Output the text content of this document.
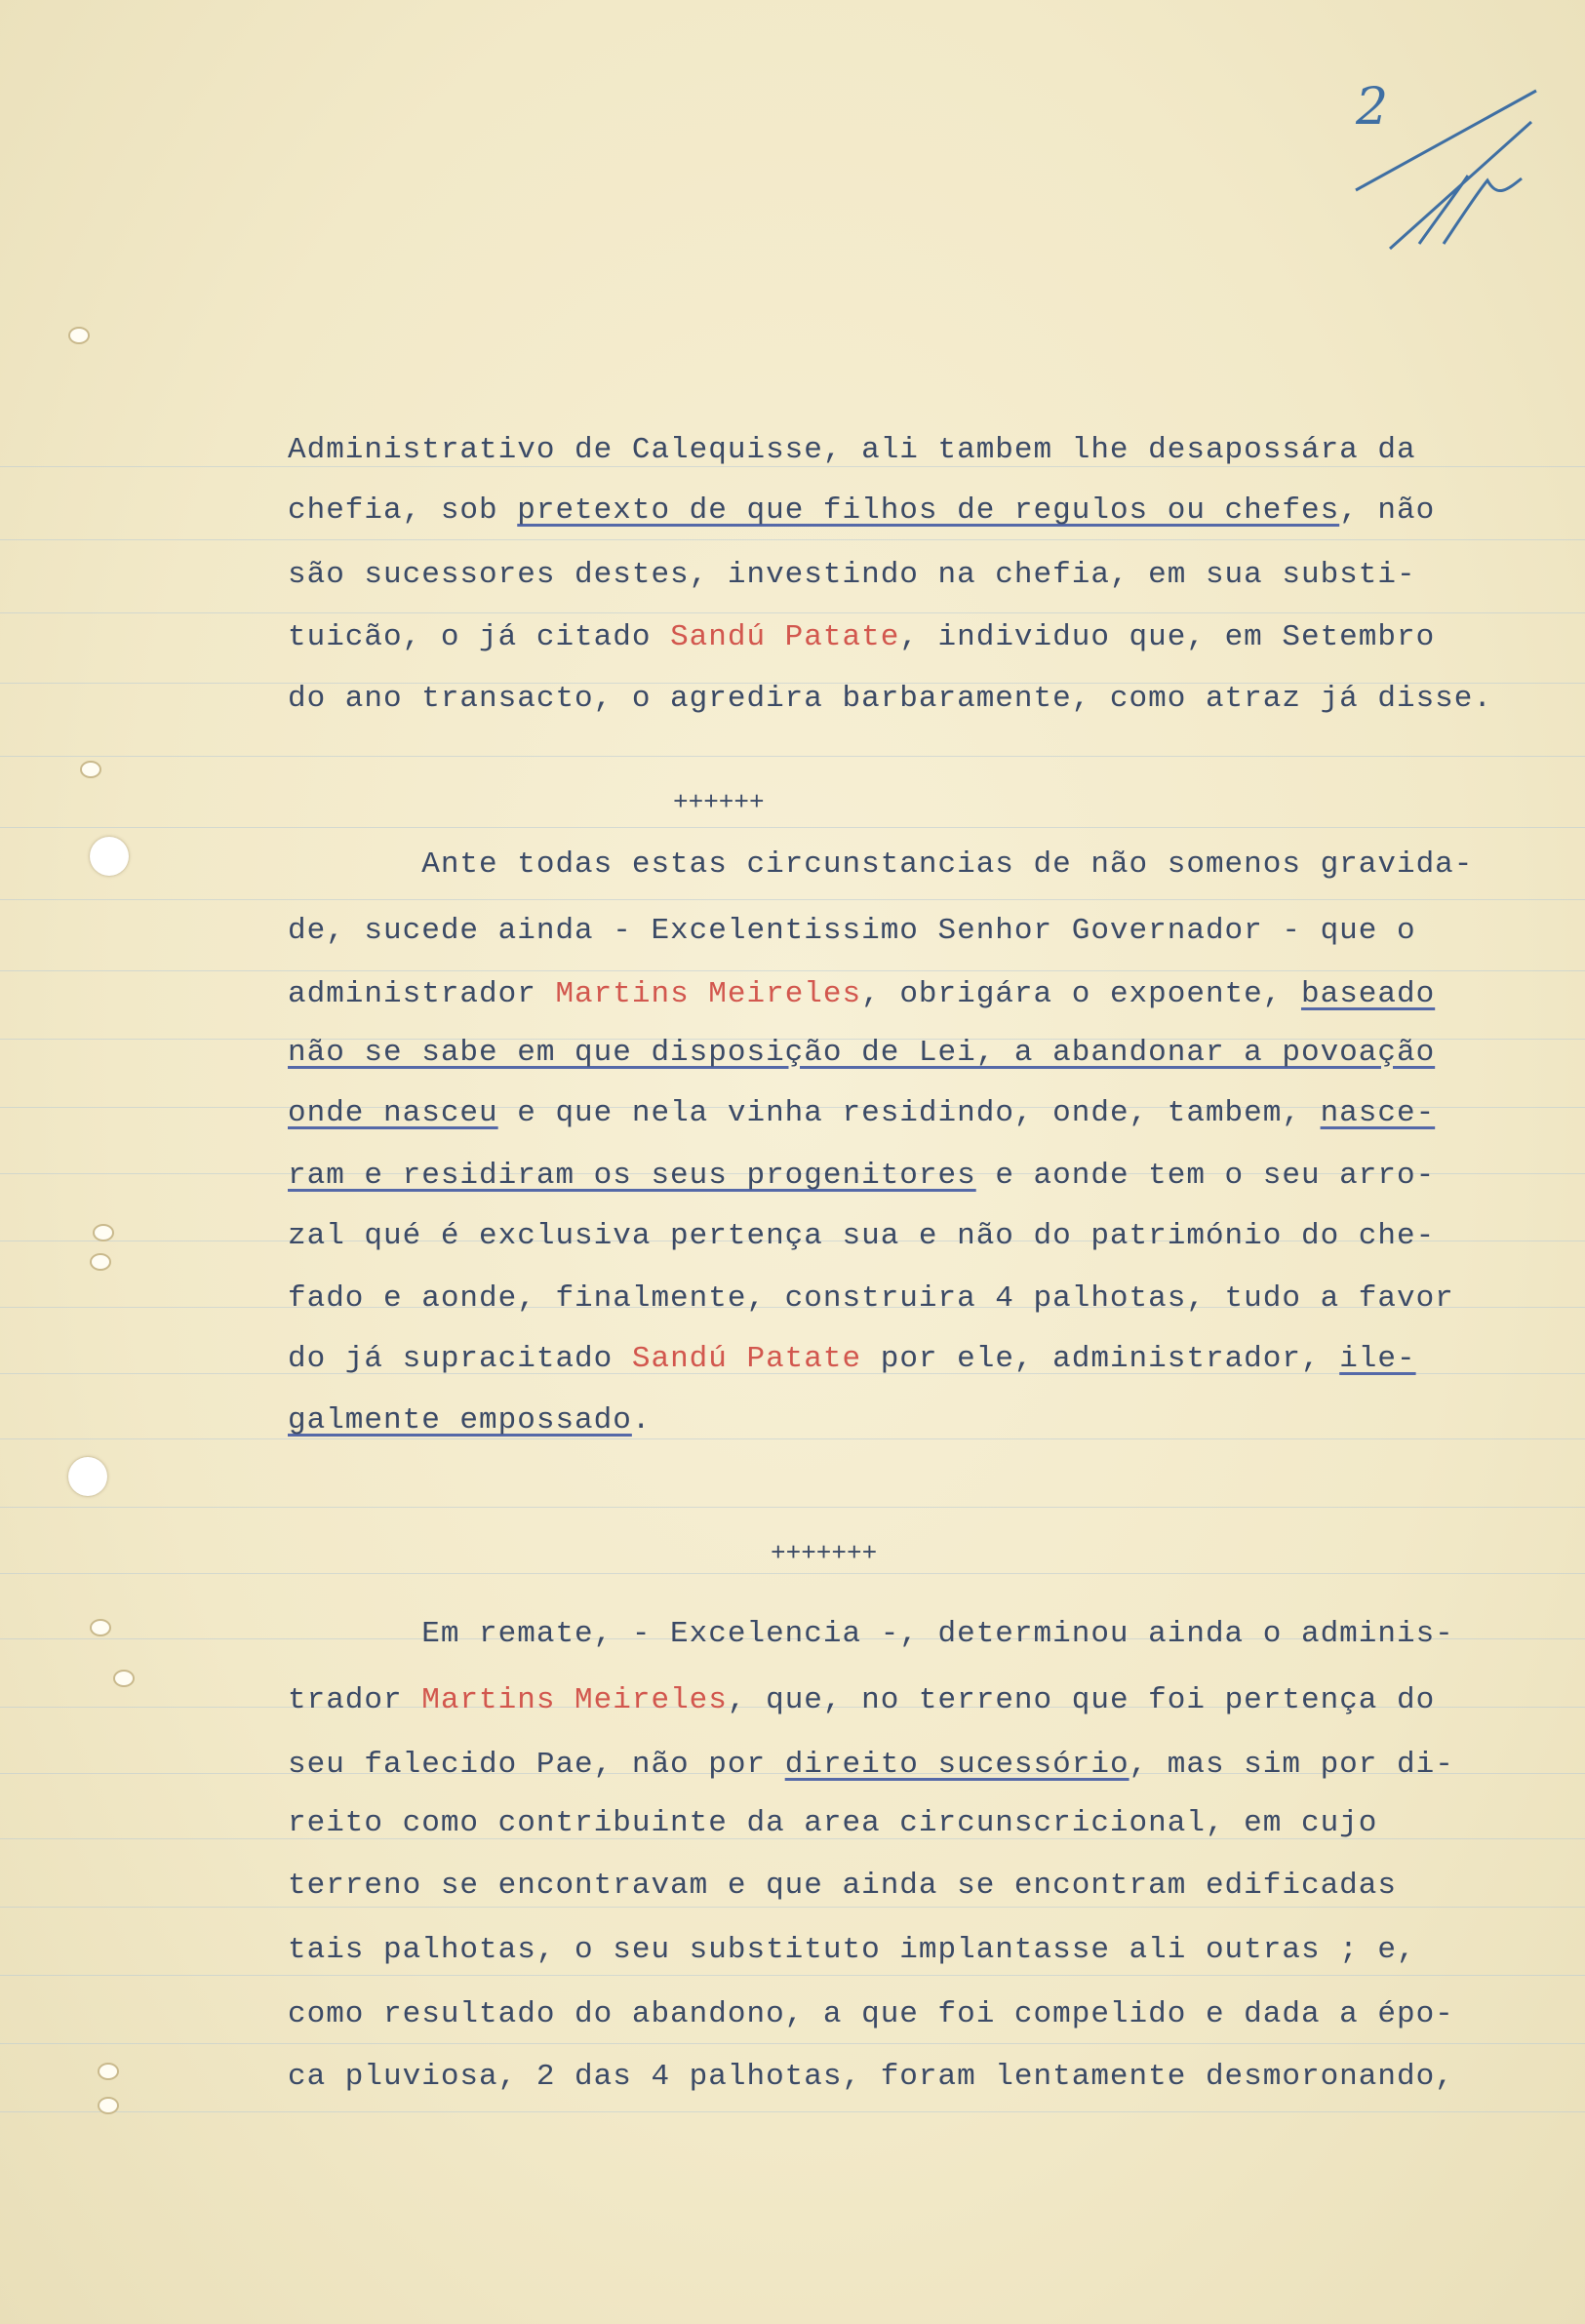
2
Administrativo de Calequisse, ali tambem lhe desapossára da
chefia, sob pretexto de que filhos de regulos ou chefes, não
são sucessores destes, investindo na chefia, em sua substi-
tuicão, o já citado Sandú Patate, individuo que, em Setembro
do ano transacto, o agredira barbaramente, como atraz já disse.
Ante todas estas circunstancias de não somenos gravida-
de, sucede ainda - Excelentissimo Senhor Governador - que o
administrador Martins Meireles, obrigára o expoente, baseado
não se sabe em que disposição de Lei, a abandonar a povoação
onde nasceu e que nela vinha residindo, onde, tambem, nasce-
ram e residiram os seus progenitores e aonde tem o seu arro-
zal qué é exclusiva pertença sua e não do património do che-
fado e aonde, finalmente, construira 4 palhotas, tudo a favor
do já supracitado Sandú Patate por ele, administrador, ile-
galmente empossado.
Em remate, - Excelencia -, determinou ainda o adminis-
trador Martins Meireles, que, no terreno que foi pertença do
seu falecido Pae, não por direito sucessório, mas sim por di-
reito como contribuinte da area circunscricional, em cujo
terreno se encontravam e que ainda se encontram edificadas
tais palhotas, o seu substituto implantasse ali outras ; e,
como resultado do abandono, a que foi compelido e dada a épo-
ca pluviosa, 2 das 4 palhotas, foram lentamente desmoronando,
++++++
+++++++
